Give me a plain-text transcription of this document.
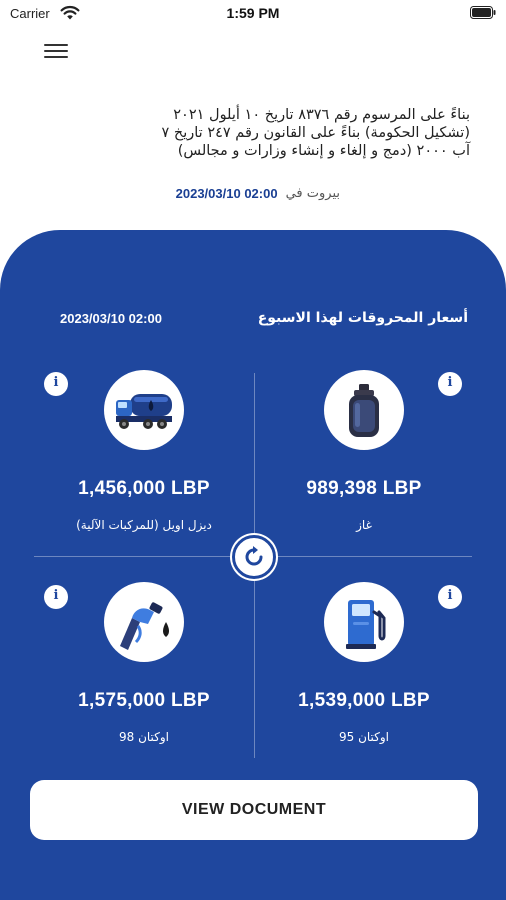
Carrier	1:59 PM
بناءً على المرسوم رقم ٨٣٧٦ تاريخ ١٠ أيلول ٢٠٢١
(تشكيل الحكومة) بناءً على القانون رقم ٢٤٧ تاريخ ٧
آب ٢٠٠٠ (دمج و إلغاء و إنشاء وزارات و مجالس)
بيروت في
2023/03/10 02:00
أسعار المحروقات لهذا الاسبوع
2023/03/10 02:00
989,398 LBP
غاز
i
1,456,000 LBP
ديزل اويل (للمركبات الآلية)
i
1,539,000 LBP
اوكتان 95
i
1,575,000 LBP
اوكتان 98
i
VIEW DOCUMENT
